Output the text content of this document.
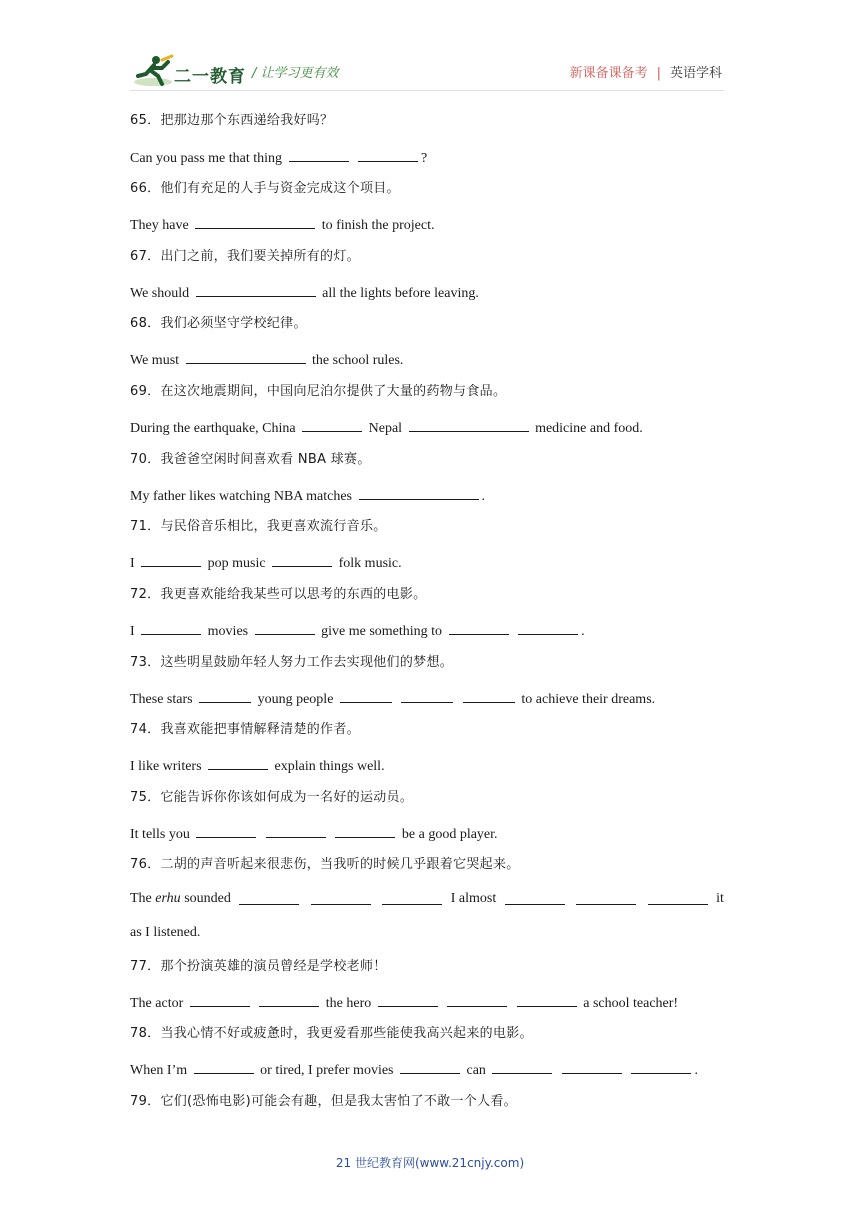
二一教育 / 让学习更有效	新课备课备考 | 英语学科
65．把那边那个东西递给我好吗？
Can you pass me that thing	?
66．他们有充足的人手与资金完成这个项目。
They have	to finish the project.
67．出门之前，我们要关掉所有的灯。
We should	all the lights before leaving.
68．我们必须坚守学校纪律。
We must	the school rules.
69．在这次地震期间，中国向尼泊尔提供了大量的药物与食品。
During the earthquake, China	Nepal	medicine and food.
70．我爸爸空闲时间喜欢看 NBA 球赛。
My father likes watching NBA matches	.
71．与民俗音乐相比，我更喜欢流行音乐。
I	pop music	folk music.
72．我更喜欢能给我某些可以思考的东西的电影。
I	movies	give me something to	.
73．这些明星鼓励年轻人努力工作去实现他们的梦想。
These stars	young people	to achieve their dreams.
74．我喜欢能把事情解释清楚的作者。
I like writers	explain things well.
75．它能告诉你你该如何成为一名好的运动员。
It tells you	be a good player.
76．二胡的声音听起来很悲伤，当我听的时候几乎跟着它哭起来。
The erhu sounded	I almost	it
as I listened.
77．那个扮演英雄的演员曾经是学校老师！
The actor	the hero	a school teacher!
78．当我心情不好或疲惫时，我更爱看那些能使我高兴起来的电影。
When I’m	or tired, I prefer movies	can	.
79．它们(恐怖电影)可能会有趣，但是我太害怕了不敢一个人看。
21 世纪教育网(www.21cnjy.com)
